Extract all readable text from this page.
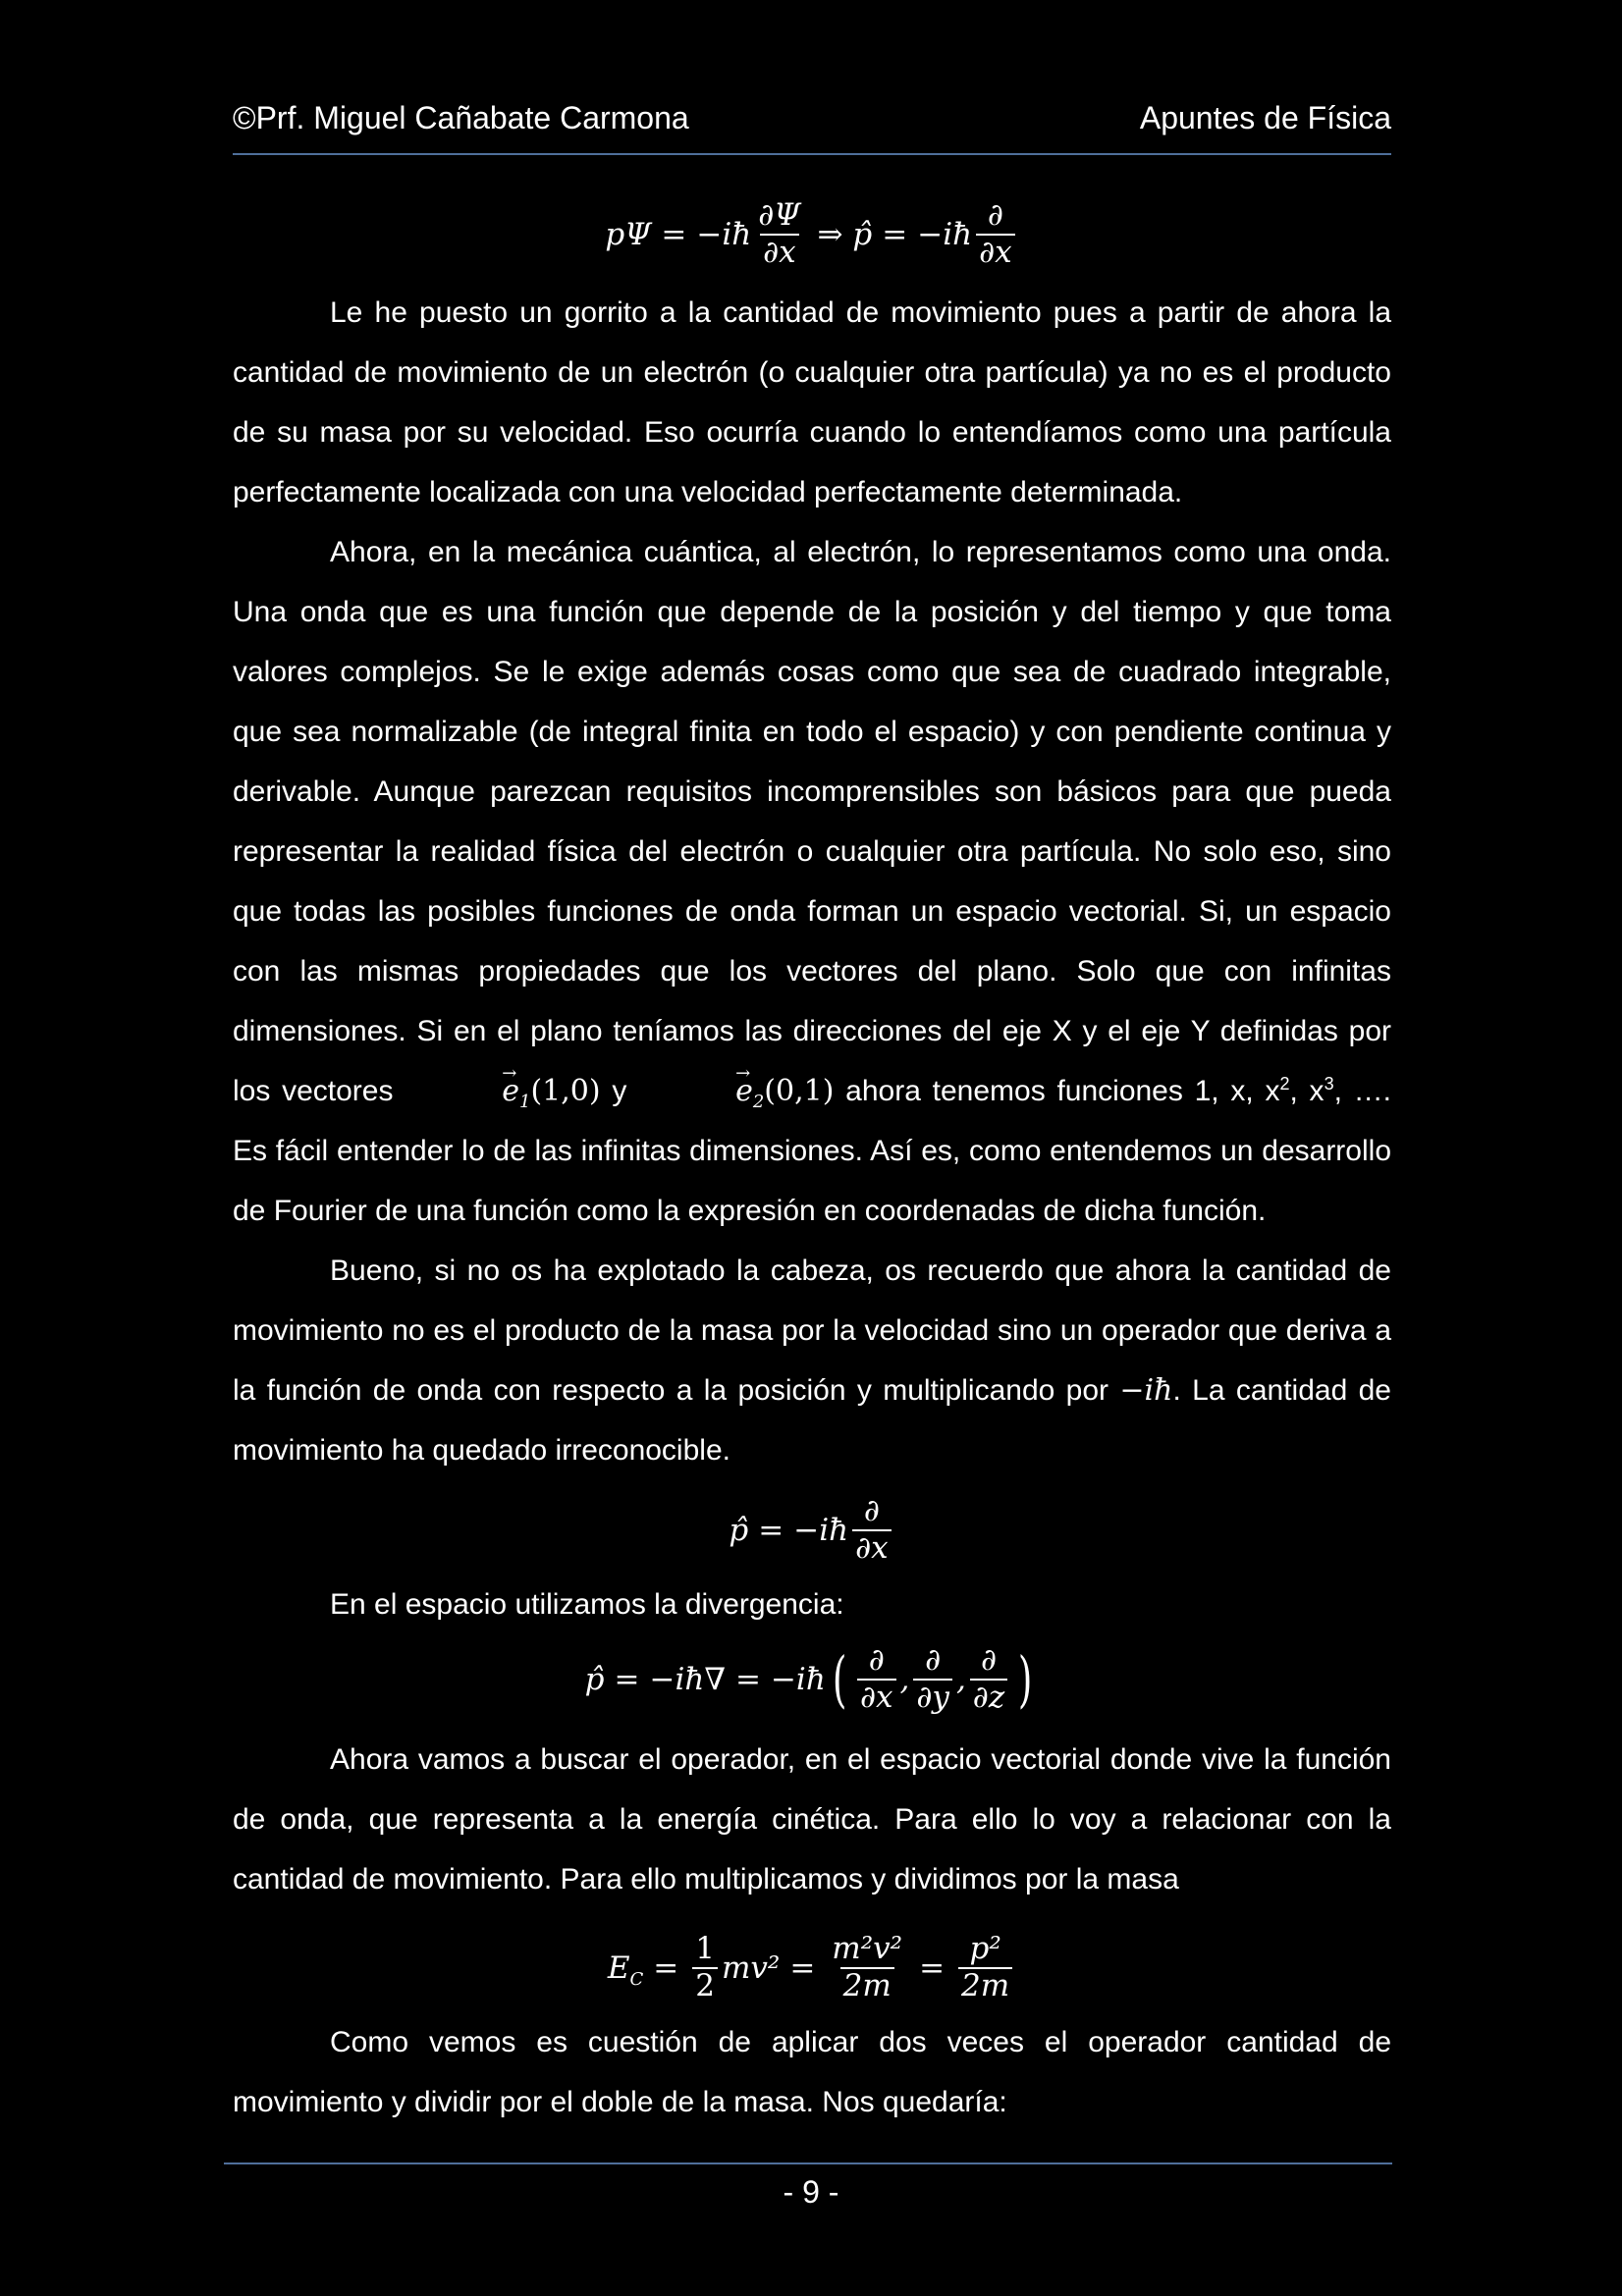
©Prf. Miguel Cañabate Carmona	Apuntes de Física
pΨ = −iħ $\frac{\partial\Psi}{\partial x}$ ⇒ p̂ = −iħ $\frac{\partial}{\partial x}$

Le he puesto un gorrito a la cantidad de movimiento pues a partir de ahora la cantidad de movimiento de un electrón (o cualquier otra partícula) ya no es el producto de su masa por su velocidad. Eso ocurría cuando lo entendíamos como una partícula perfectamente localizada con una velocidad perfectamente determinada.

Ahora, en la mecánica cuántica, al electrón, lo representamos como una onda. Una onda que es una función que depende de la posición y del tiempo y que toma valores complejos. Se le exige además cosas como que sea de cuadrado integrable, que sea normalizable (de integral finita en todo el espacio) y con pendiente continua y derivable. Aunque parezcan requisitos incomprensibles son básicos para que pueda representar la realidad física del electrón o cualquier otra partícula. No solo eso, sino que todas las posibles funciones de onda forman un espacio vectorial. Si, un espacio con las mismas propiedades que los vectores del plano. Solo que con infinitas dimensiones. Si en el plano teníamos las direcciones del eje X y el eje Y definidas por los vectores →	$e_1(1,0) y$ →	$e_2(0,1)$ ahora tenemos funciones 1, x, $x^2$, $x^3$, …. Es fácil entender lo de las infinitas dimensiones. Así es, como entendemos un desarrollo de Fourier de una función como la expresión en coordenadas de dicha función.

Bueno, si no os ha explotado la cabeza, os recuerdo que ahora la cantidad de movimiento no es el producto de la masa por la velocidad sino un operador que deriva a la función de onda con respecto a la posición y multiplicando por −iħ. La cantidad de movimiento ha quedado irreconocible.

p̂ = −iħ $\frac{\partial}{\partial x}$

En el espacio utilizamos la divergencia:

p̂ = −iħ∇ = −iħ ( $\frac{\partial}{\partial x}$ , $\frac{\partial}{\partial y}$ , $\frac{\partial}{\partial z}$ )

Ahora vamos a buscar el operador, en el espacio vectorial donde vive la función de onda, que representa a la energía cinética. Para ello lo voy a relacionar con la cantidad de movimiento. Para ello multiplicamos y dividimos por la masa

$E_C = \frac{1}{2} mv^2 = \frac{\text{m²v²}}{2m} = \frac{\text{p²}}{2m}$

Como vemos es cuestión de aplicar dos veces el operador cantidad de movimiento y dividir por el doble de la masa. Nos quedaría:

- 9 -
